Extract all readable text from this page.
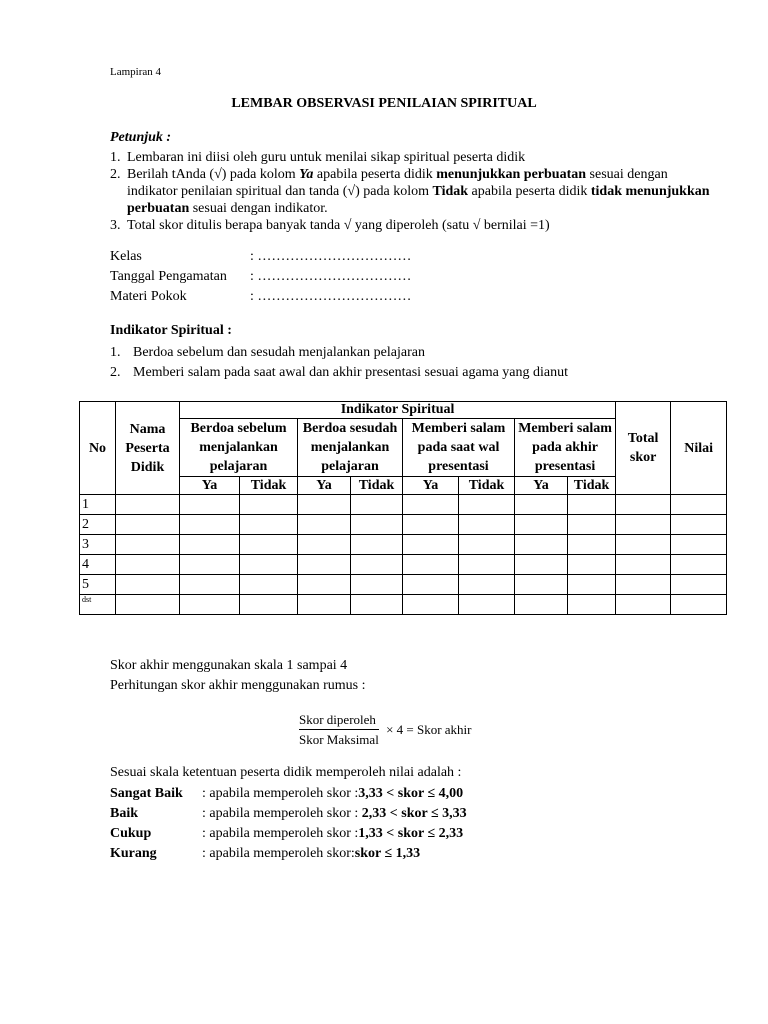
Lampiran 4
LEMBAR OBSERVASI PENILAIAN SPIRITUAL
Petunjuk :
1. Lembaran ini diisi oleh guru untuk menilai sikap spiritual peserta didik
2. Berilah tAnda (√) pada kolom Ya apabila peserta didik menunjukkan perbuatan sesuai dengan indikator penilaian spiritual dan tanda (√) pada kolom Tidak apabila peserta didik tidak menunjukkan perbuatan sesuai dengan indikator.
3. Total skor ditulis berapa banyak tanda √ yang diperoleh (satu √ bernilai =1)
Kelas	: ……………………………
Tanggal Pengamatan	: ……………………………
Materi Pokok	: ……………………………
Indikator Spiritual :
1. Berdoa sebelum dan sesudah menjalankan pelajaran
2. Memberi salam pada saat awal dan akhir presentasi sesuai agama yang dianut
No	Nama Peserta Didik	Indikator Spiritual								Total skor	Nilai
		Berdoa sebelum menjalankan pelajaran		Berdoa sesudah menjalankan pelajaran		Memberi salam pada saat wal presentasi		Memberi salam pada akhir presentasi			
		Ya	Tidak	Ya	Tidak	Ya	Tidak	Ya	Tidak		
1											
2											
3											
4											
5											
dst											
Skor akhir menggunakan skala 1 sampai 4
Perhitungan skor akhir menggunakan rumus :
$\frac{\text{Skor diperoleh}}{\text{Skor Maksimal}} \times 4$ = Skor akhir
Sesuai skala ketentuan peserta didik memperoleh nilai adalah :
Sangat Baik	: apabila memperoleh skor :3,33 < skor ≤ 4,00
Baik	: apabila memperoleh skor : 2,33 < skor ≤ 3,33
Cukup	: apabila memperoleh skor :1,33 < skor ≤ 2,33
Kurang	: apabila memperoleh skor:skor ≤ 1,33
